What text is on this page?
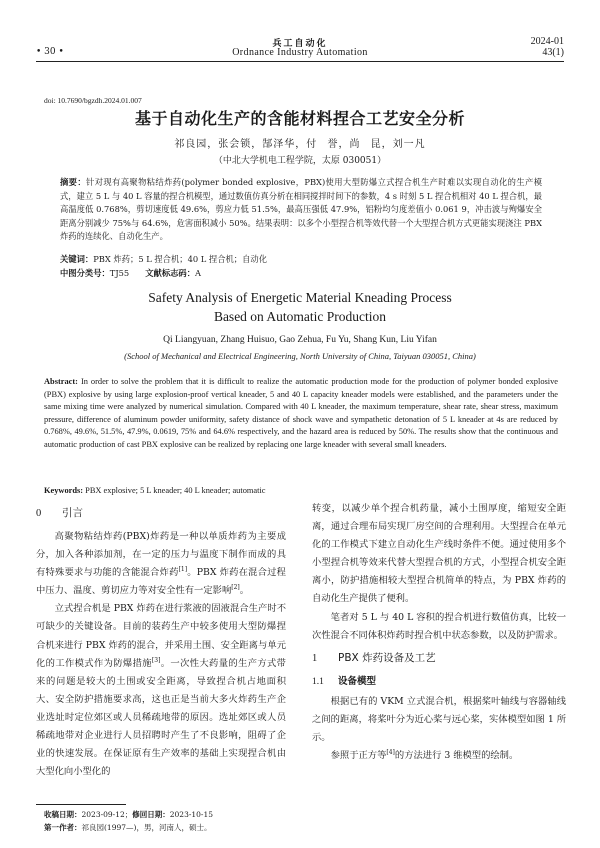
兵工自动化
• 30 •	Ordnance Industry Automation
2024-01
43(1)
doi: 10.7690/bgzdh.2024.01.007
基于自动化生产的含能材料捏合工艺安全分析
祁良园，张会锁，郜泽华，付 誉，尚 昆，刘一凡
（中北大学机电工程学院，太原 030051）
摘要：针对现有高聚物粘结炸药(polymer bonded explosive，PBX)使用大型防爆立式捏合机生产时难以实现自动化的生产模式，建立 5 L 与 40 L 容量的捏合机模型，通过数值仿真分析在相同搅拌时间下的参数，4 s 时刻 5 L 捏合机相对 40 L 捏合机，最高温度低 0.768%，剪切速度低 49.6%，剪应力低 51.5%，最高压强低 47.9%，铝粉均匀度差值小 0.061 9，冲击波与殉爆安全距离分别减少 75%与 64.6%，危害面积减小 50%。结果表明：以多个小型捏合机等效代替一个大型捏合机方式更能实现浇注 PBX 炸药的连续化、自动化生产。
关键词：PBX 炸药；5 L 捏合机；40 L 捏合机；自动化
中图分类号：TJ55 文献标志码：A
Safety Analysis of Energetic Material Kneading Process
Based on Automatic Production
Qi Liangyuan, Zhang Huisuo, Gao Zehua, Fu Yu, Shang Kun, Liu Yifan
(School of Mechanical and Electrical Engineering, North University of China, Taiyuan 030051, China)
Abstract: In order to solve the problem that it is difficult to realize the automatic production mode for the production of polymer bonded explosive (PBX) explosive by using large explosion-proof vertical kneader, 5 and 40 L capacity kneader models were established, and the parameters under the same mixing time were analyzed by numerical simulation. Compared with 40 L kneader, the maximum temperature, shear rate, shear stress, maximum pressure, difference of aluminum powder uniformity, safety distance of shock wave and sympathetic detonation of 5 L kneader at 4s are reduced by 0.768%, 49.6%, 51.5%, 47.9%, 0.0619, 75% and 64.6% respectively, and the hazard area is reduced by 50%. The results show that the continuous and automatic production of cast PBX explosive can be realized by replacing one large kneader with several small kneaders.
Keywords: PBX explosive; 5 L kneader; 40 L kneader; automatic
0 引言

高聚物粘结炸药(PBX)炸药是一种以单质炸药为主要成分，加入各种添加剂，在一定的压力与温度下制作而成的具有特殊要求与功能的含能混合炸药[1]。PBX 炸药在混合过程中压力、温度、剪切应力等对安全性有一定影响[2]。

立式捏合机是 PBX 炸药在进行浆液的固液混合生产时不可缺少的关键设备。目前的装药生产中较多使用大型防爆捏合机来进行 PBX 炸药的混合，并采用土围、安全距离与单元化的工作模式作为防爆措施[3]。一次性大药量的生产方式带来的问题是较大的土围或安全距离，导致捏合机占地面积大、安全防护措施要求高，这也正是当前大多火炸药生产企业选址时定位郊区或人员稀疏地带的原因。选址郊区或人员稀疏地带对企业进行人员招聘时产生了不良影响，阻碍了企业的快速发展。在保证原有生产效率的基础上实现捏合机由大型化向小型化的

转变，以减少单个捏合机药量，减小土围厚度，缩短安全距离，通过合理布局实现厂房空间的合理利用。大型捏合在单元化的工作模式下建立自动化生产线时条件不便。通过使用多个小型捏合机等效来代替大型捏合机的方式，小型捏合机安全距离小，防护措施相较大型捏合机简单的特点，为 PBX 炸药的自动化生产提供了便利。

笔者对 5 L 与 40 L 容积的捏合机进行数值仿真，比较一次性混合不同体积炸药时捏合机中状态参数，以及防护需求。

1 PBX 炸药设备及工艺
1.1 设备模型

根据已有的 VKM 立式混合机，根据桨叶轴线与容器轴线之间的距离，将桨叶分为近心桨与远心桨，实体模型如图 1 所示。

参照于正方等[4]的方法进行 3 维模型的绘制。

收稿日期：2023-09-12；修回日期：2023-10-15
第一作者：祁良园(1997—)，男，河南人，硕士。
